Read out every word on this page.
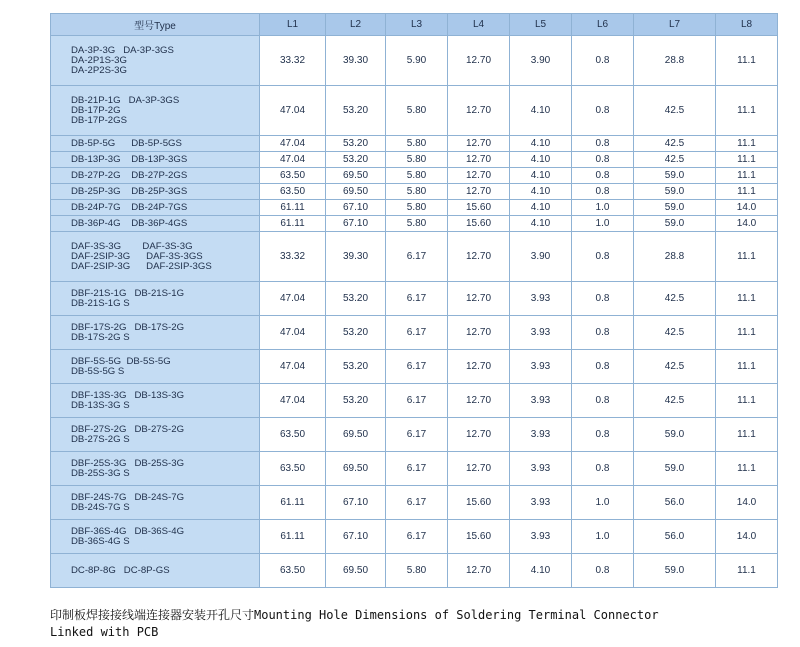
型号Type	L1	L2	L3	L4	L5	L6	L7	L8

DA-3P-3G   DA-3P-3GS
DA-2P1S-3G
DA-2P2S-3G	33.32	39.30	5.90	12.70	3.90	0.8	28.8	11.1

DB-21P-1G   DA-3P-3GS
DB-17P-2G
DB-17P-2GS	47.04	53.20	5.80	12.70	4.10	0.8	42.5	11.1

DB-5P-5G      DB-5P-5GS	47.04	53.20	5.80	12.70	4.10	0.8	42.5	11.1

DB-13P-3G    DB-13P-3GS	47.04	53.20	5.80	12.70	4.10	0.8	42.5	11.1

DB-27P-2G    DB-27P-2GS	63.50	69.50	5.80	12.70	4.10	0.8	59.0	11.1

DB-25P-3G    DB-25P-3GS	63.50	69.50	5.80	12.70	4.10	0.8	59.0	11.1

DB-24P-7G    DB-24P-7GS	61.11	67.10	5.80	15.60	4.10	1.0	59.0	14.0

DB-36P-4G    DB-36P-4GS	61.11	67.10	5.80	15.60	4.10	1.0	59.0	14.0

DAF-3S-3G        DAF-3S-3G
DAF-2SIP-3G      DAF-3S-3GS
DAF-2SIP-3G      DAF-2SIP-3GS	33.32	39.30	6.17	12.70	3.90	0.8	28.8	11.1

DBF-21S-1G   DB-21S-1G
DB-21S-1G S	47.04	53.20	6.17	12.70	3.93	0.8	42.5	11.1

DBF-17S-2G   DB-17S-2G
DB-17S-2G S	47.04	53.20	6.17	12.70	3.93	0.8	42.5	11.1

DBF-5S-5G  DB-5S-5G
DB-5S-5G S	47.04	53.20	6.17	12.70	3.93	0.8	42.5	11.1

DBF-13S-3G   DB-13S-3G
DB-13S-3G S	47.04	53.20	6.17	12.70	3.93	0.8	42.5	11.1

DBF-27S-2G   DB-27S-2G
DB-27S-2G S	63.50	69.50	6.17	12.70	3.93	0.8	59.0	11.1

DBF-25S-3G   DB-25S-3G
DB-25S-3G S	63.50	69.50	6.17	12.70	3.93	0.8	59.0	11.1

DBF-24S-7G   DB-24S-7G
DB-24S-7G S	61.11	67.10	6.17	15.60	3.93	1.0	56.0	14.0

DBF-36S-4G   DB-36S-4G
DB-36S-4G S	61.11	67.10	6.17	15.60	3.93	1.0	56.0	14.0

DC-8P-8G   DC-8P-GS	63.50	69.50	5.80	12.70	4.10	0.8	59.0	11.1

印制板焊接接线端连接器安装开孔尺寸Mounting Hole Dimensions of Soldering Terminal Connector
Linked with PCB
